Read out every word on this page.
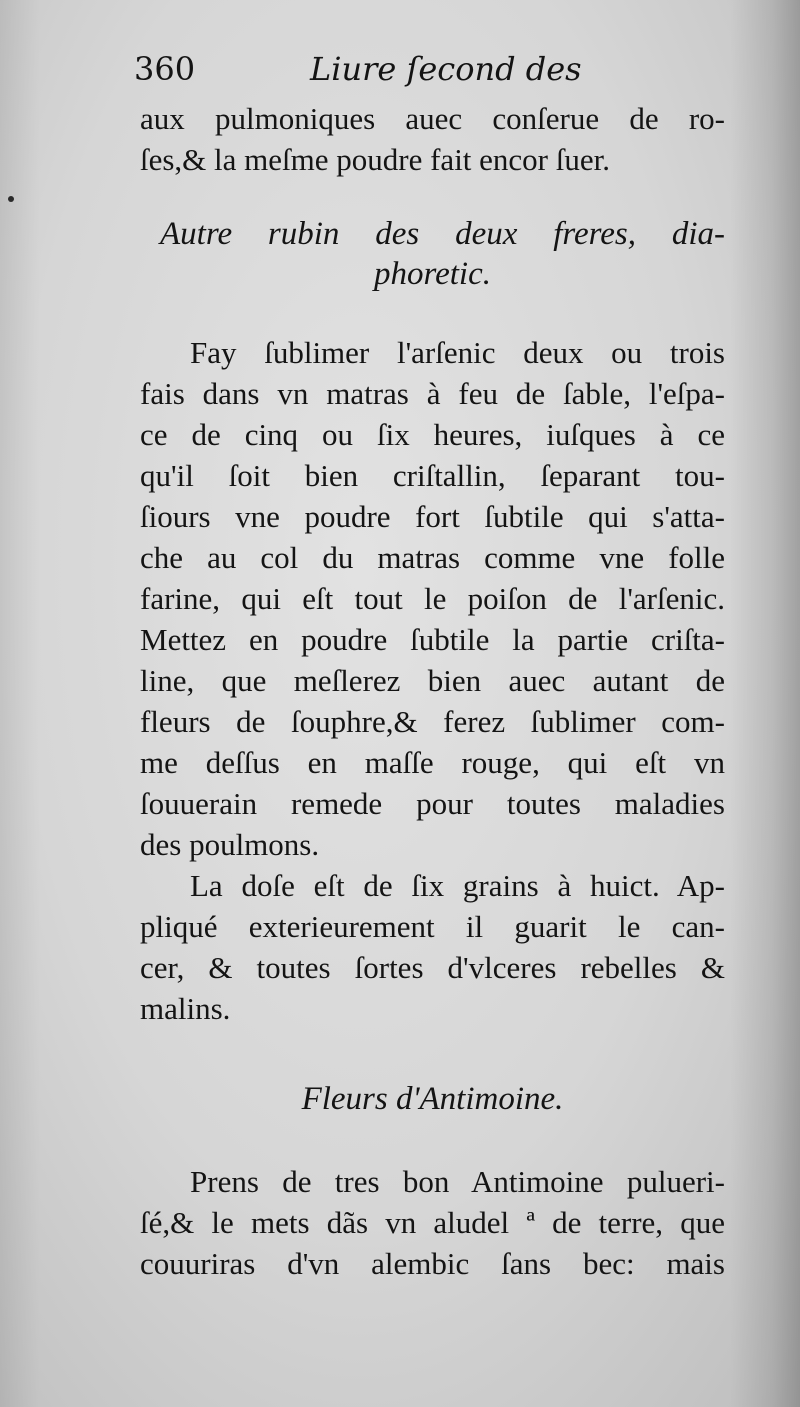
360	Liure ſecond des
aux pulmoniques auec conſerue de ro-
ſes,& la meſme poudre fait encor ſuer.
Autre rubin des deux freres, dia-
phoretic.
Fay ſublimer l'arſenic deux ou trois
fais dans vn matras à feu de ſable, l'eſpa-
ce de cinq ou ſix heures, iuſques à ce
qu'il ſoit bien criſtallin, ſeparant tou-
ſiours vne poudre fort ſubtile qui s'atta-
che au col du matras comme vne folle
farine, qui eſt tout le poiſon de l'arſenic.
Mettez en poudre ſubtile la partie criſta-
line, que meſlerez bien auec autant de
fleurs de ſouphre,& ferez ſublimer com-
me deſſus en maſſe rouge, qui eſt vn
ſouuerain remede pour toutes maladies
des poulmons.
La doſe eſt de ſix grains à huict. Ap-
pliqué exterieurement il guarit le can-
cer, & toutes ſortes d'vlceres rebelles &
malins.
Fleurs d'Antimoine.
Prens de tres bon Antimoine pulueri-
ſé,& le mets dãs vn aludel ª de terre, que
couuriras d'vn alembic ſans bec: mais
